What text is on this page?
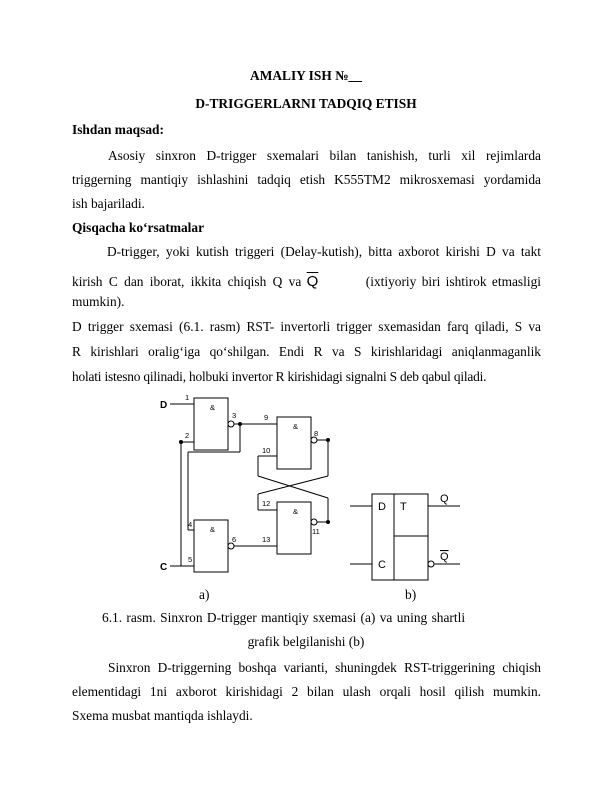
AMALIY ISH №__
D-TRIGGERLARNI TADQIQ ETISH
Ishdan maqsad:
Asosiy sinxron D-trigger sxemalari bilan tanishish, turli xil rejimlarda
triggerning mantiqiy ishlashini tadqiq etish K555TM2 mikrosxemasi yordamida
ish bajariladi.
Qisqacha ko‘rsatmalar
D-trigger, yoki kutish triggeri (Delay-kutish), bitta axborot kirishi D va takt
kirish C dan iborat, ikkita chiqish Q va $\overline{Q}$	(ixtiyoriy biri ishtirok etmasligi
mumkin).
D trigger sxemasi (6.1. rasm) RST- invertorli trigger sxemasidan farq qiladi, S va
R kirishlari oralig‘iga qo‘shilgan. Endi R va S kirishlaridagi aniqlanmaganlik
holati istesno qilinadi, holbuki invertor R kirishidagi signalni S deb qabul qiladi.
&
&
&
&
1
2
3
4
5
6
8
9
10
11
12
13
D
C
D T
C
Q
Q
a)	b)
6.1. rasm. Sinxron D-trigger mantiqiy sxemasi (a) va uning shartli
grafik belgilanishi (b)
Sinxron D-triggerning boshqa varianti, shuningdek RST-triggerining chiqish
elementidagi 1ni axborot kirishidagi 2 bilan ulash orqali hosil qilish mumkin.
Sxema musbat mantiqda ishlaydi.
